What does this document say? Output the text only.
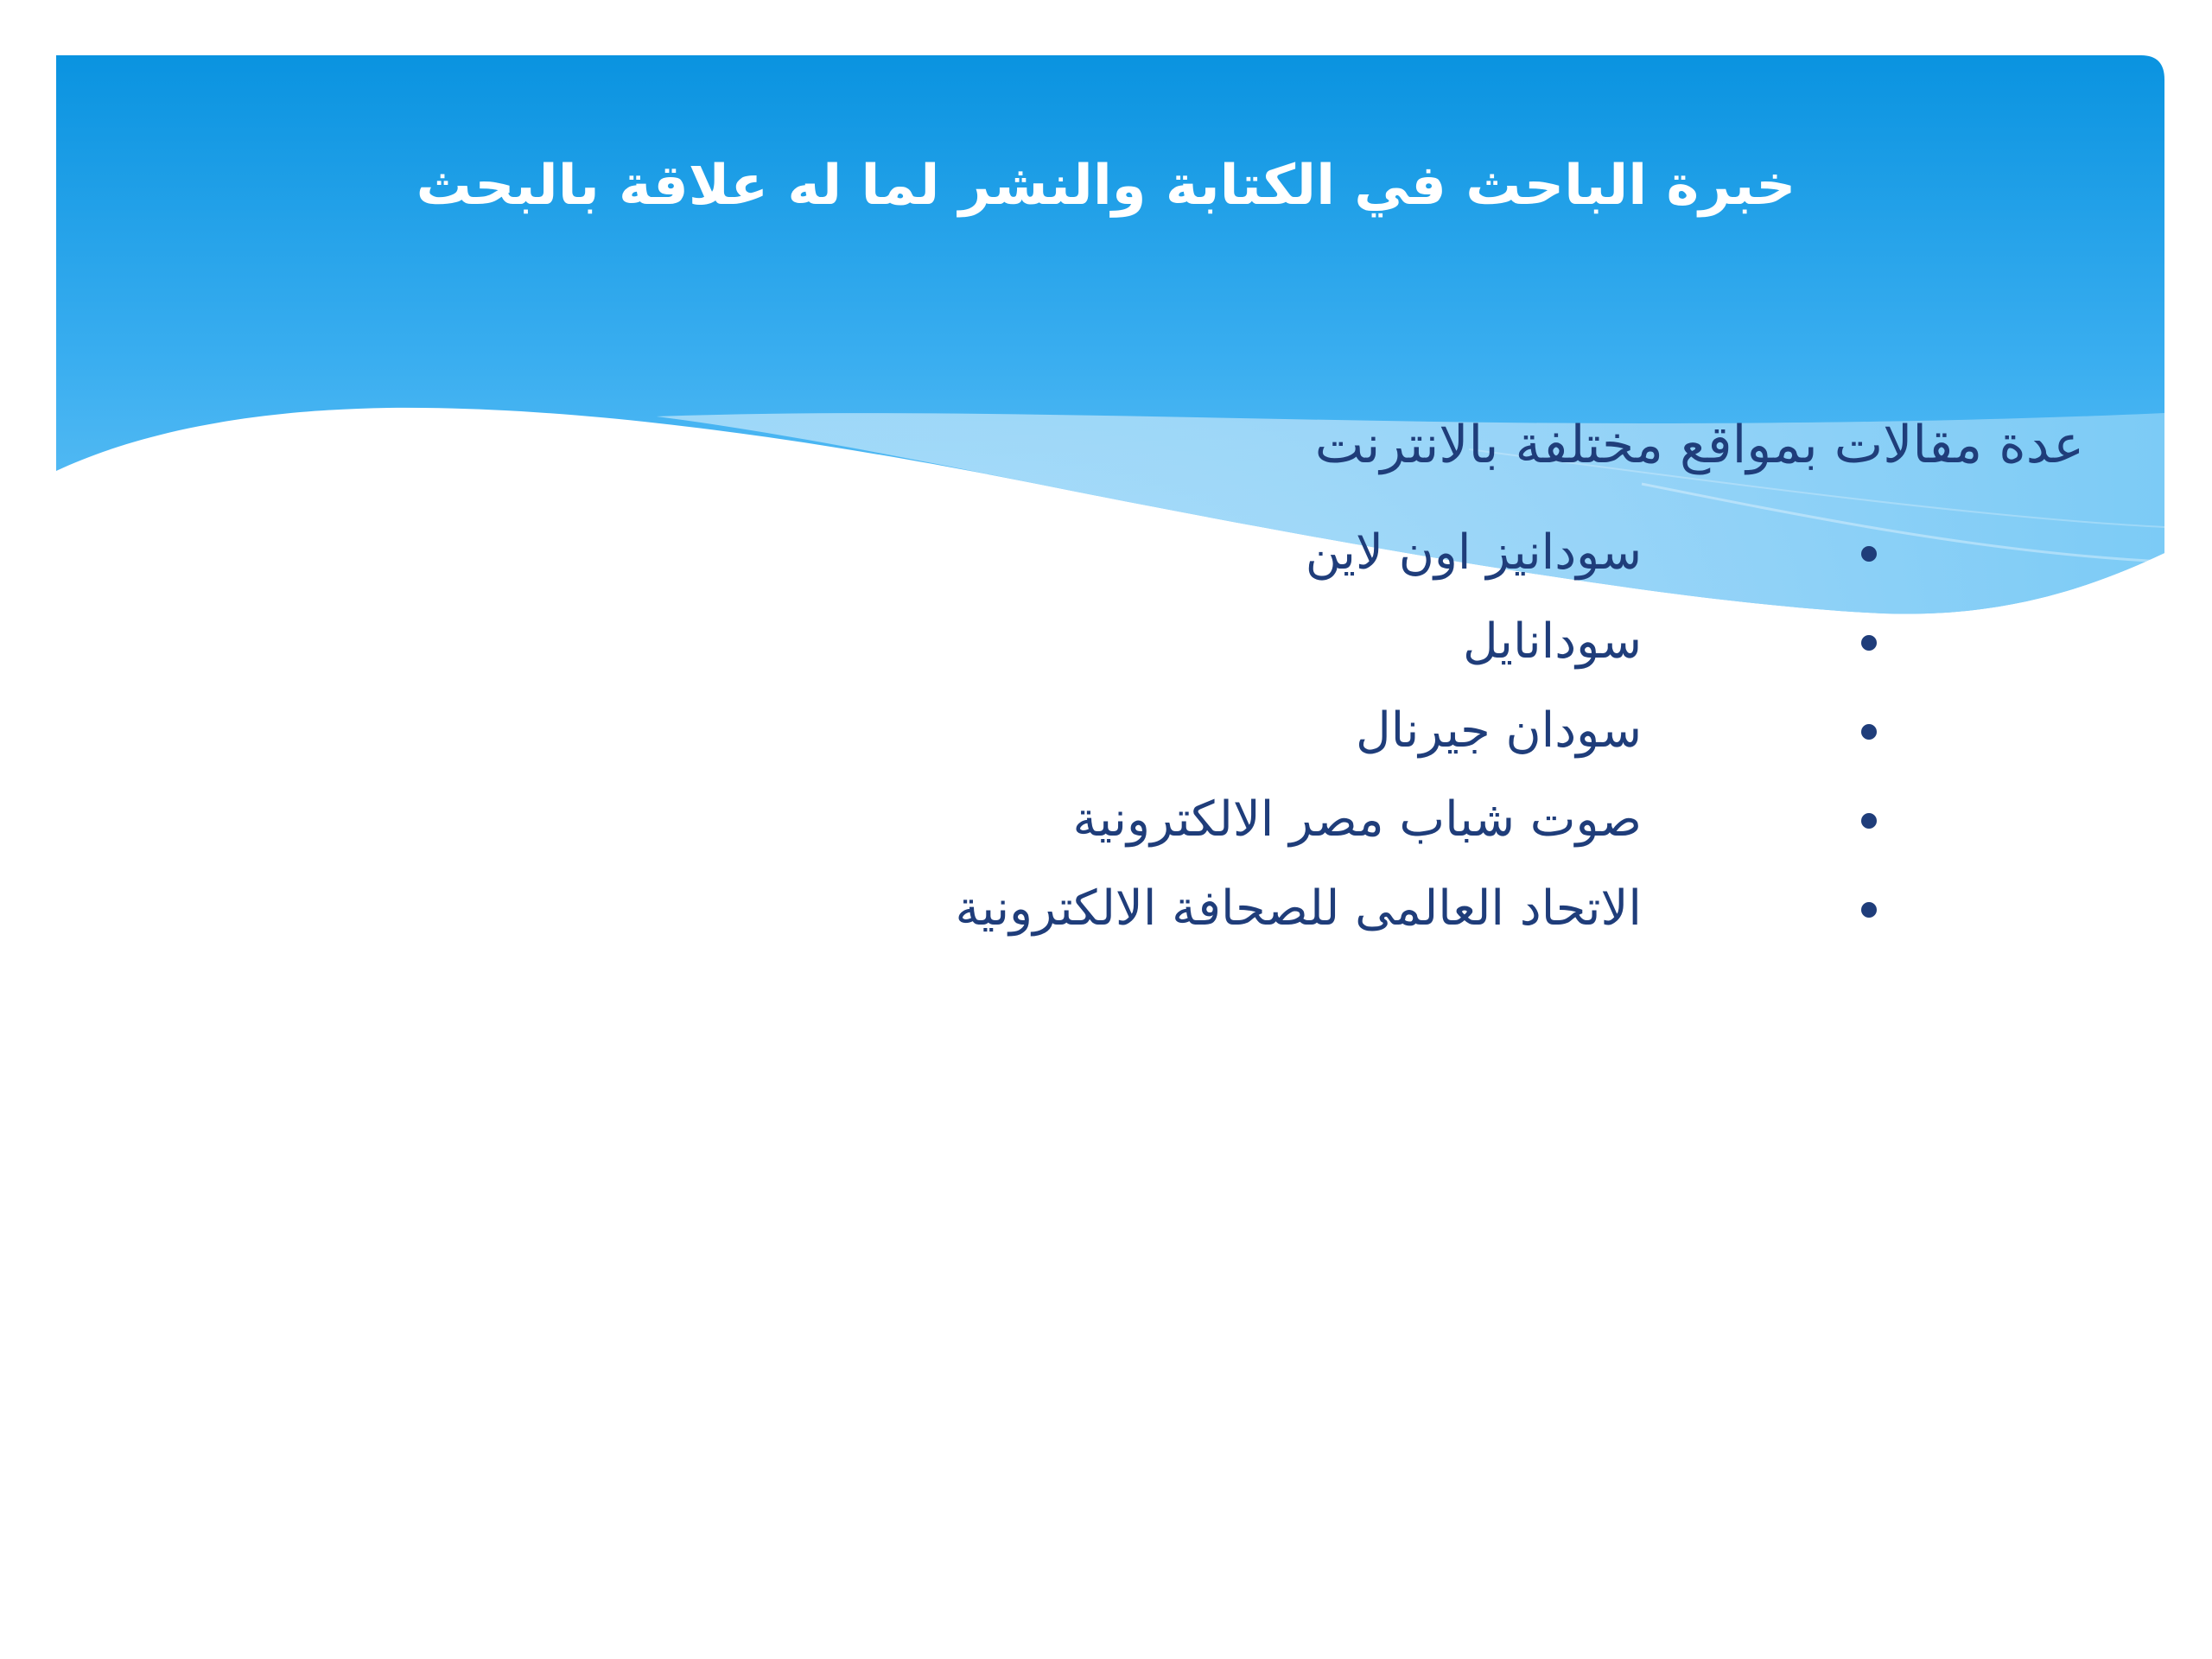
خبرة الباحث في الكتابة والنشر لما له علاقة بالبحث

عدة مقالات بمواقع مختلفة بالانترنت

سودانيز اون لاين
سودانايل
سودان جيرنال
صوت شباب مصر الالكترونية
الاتحاد العالمى للصحافة الالكترونية
